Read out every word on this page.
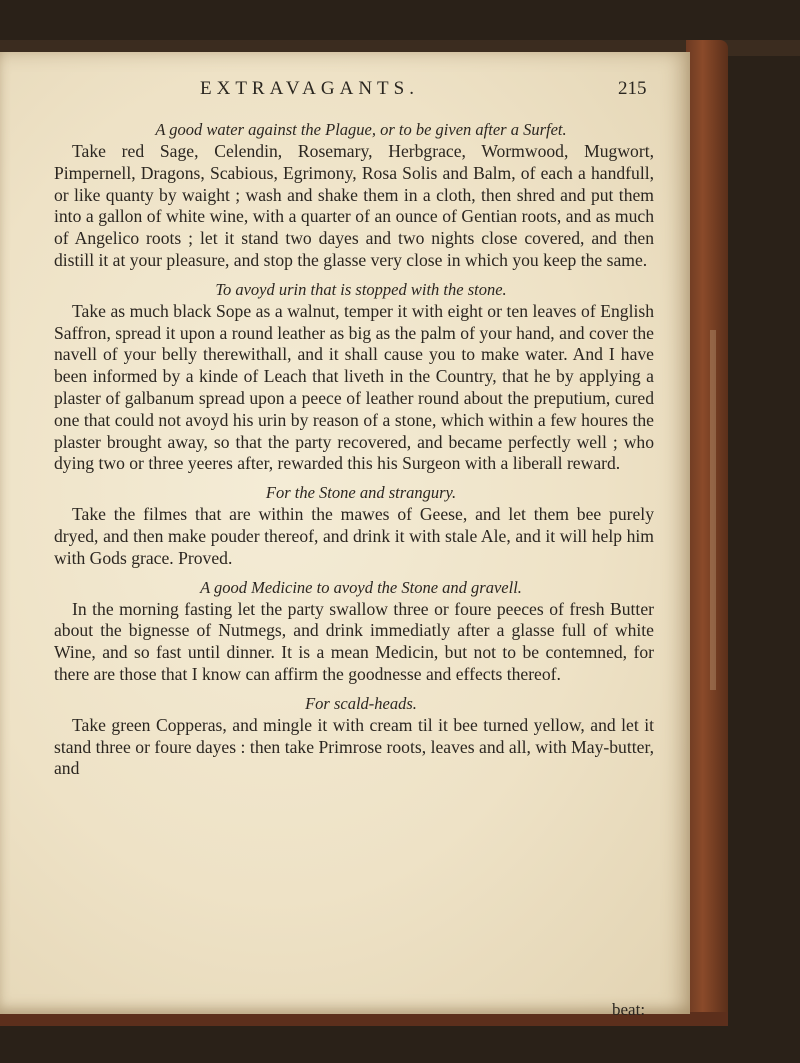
EXTRAVAGANTS.	215

A good water against the Plague, or to be given after a Surfet.

Take red Sage, Celendin, Rosemary, Herbgrace, Wormwood, Mugwort, Pimpernell, Dragons, Scabious, Egrimony, Rosa Solis and Balm, of each a handfull, or like quanty by waight ; wash and shake them in a cloth, then shred and put them into a gallon of white wine, with a quarter of an ounce of Gentian roots, and as much of Angelico roots ; let it stand two dayes and two nights close covered, and then distill it at your pleasure, and stop the glasse very close in which you keep the same.

To avoyd urin that is stopped with the stone.

Take as much black Sope as a walnut, temper it with eight or ten leaves of English Saffron, spread it upon a round leather as big as the palm of your hand, and cover the navell of your belly therewithall, and it shall cause you to make water. And I have been informed by a kinde of Leach that liveth in the Country, that he by applying a plaster of galbanum spread upon a peece of leather round about the preputium, cured one that could not avoyd his urin by reason of a stone, which within a few houres the plaster brought away, so that the party recovered, and became perfectly well ; who dying two or three yeeres after, rewarded this his Surgeon with a liberall reward.

For the Stone and strangury.

Take the filmes that are within the mawes of Geese, and let them bee purely dryed, and then make pouder thereof, and drink it with stale Ale, and it will help him with Gods grace. Proved.

A good Medicine to avoyd the Stone and gravell.

In the morning fasting let the party swallow three or foure peeces of fresh Butter about the bignesse of Nutmegs, and drink immediatly after a glasse full of white Wine, and so fast until dinner. It is a mean Medicin, but not to be contemned, for there are those that I know can affirm the goodnesse and effects thereof.

For scald-heads.

Take green Copperas, and mingle it with cream til it bee turned yellow, and let it stand three or foure dayes : then take Primrose roots, leaves and all, with May-butter, and

beat:
